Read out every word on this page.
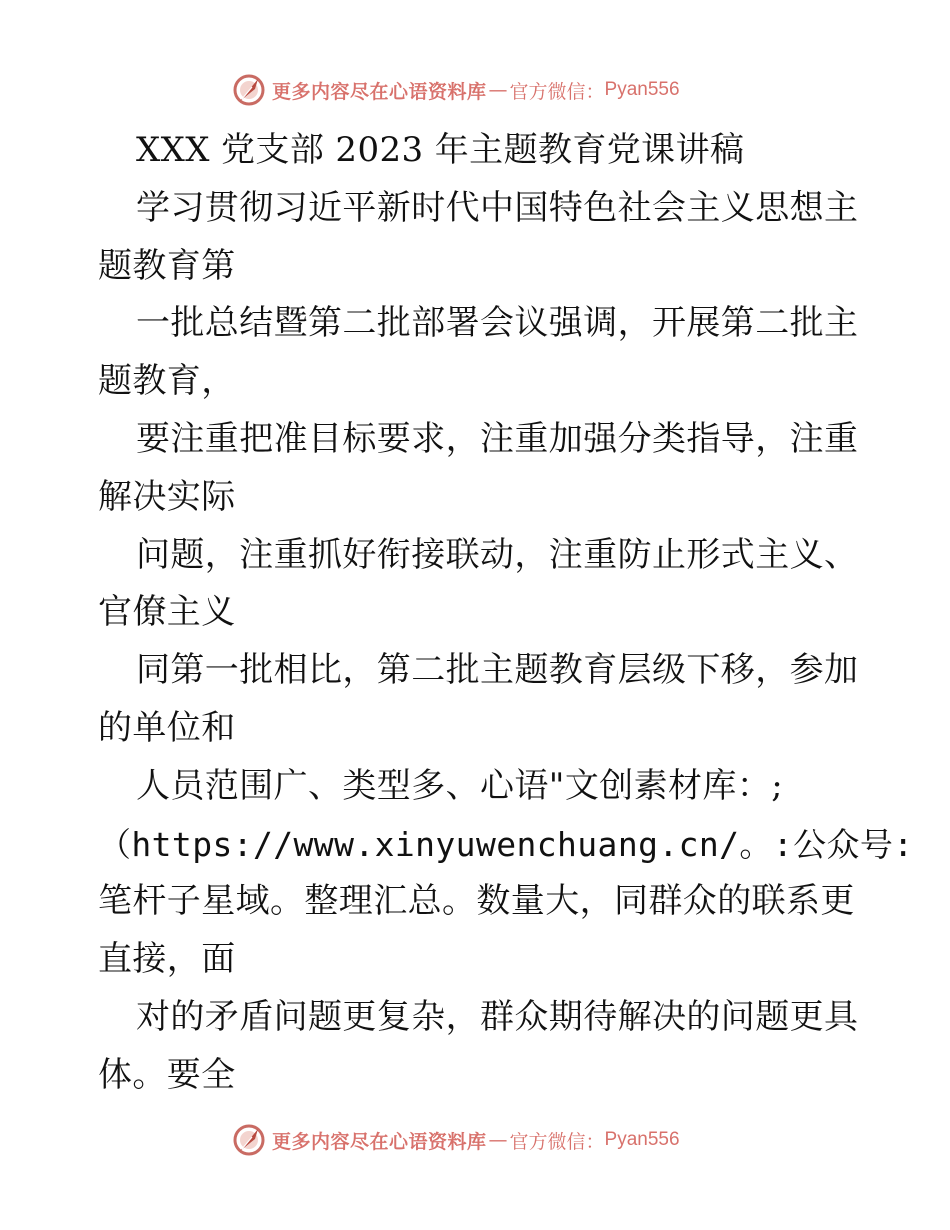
更多内容尽在心语资料库 — 官方微信： Pyan556

XXX 党支部 2023 年主题教育党课讲稿

学习贯彻习近平新时代中国特色社会主义思想主

题教育第

一批总结暨第二批部署会议强调，开展第二批主

题教育，

要注重把准目标要求，注重加强分类指导，注重

解决实际

问题，注重抓好衔接联动，注重防止形式主义、

官僚主义

同第一批相比，第二批主题教育层级下移，参加

的单位和

人员范围广、类型多、心语"文创素材库：;

（https://www.xinyuwenchuang.cn/。:公众号:

笔杆子星域。整理汇总。数量大，同群众的联系更

直接，面

对的矛盾问题更复杂，群众期待解决的问题更具

体。要全

更多内容尽在心语资料库 — 官方微信： Pyan556
